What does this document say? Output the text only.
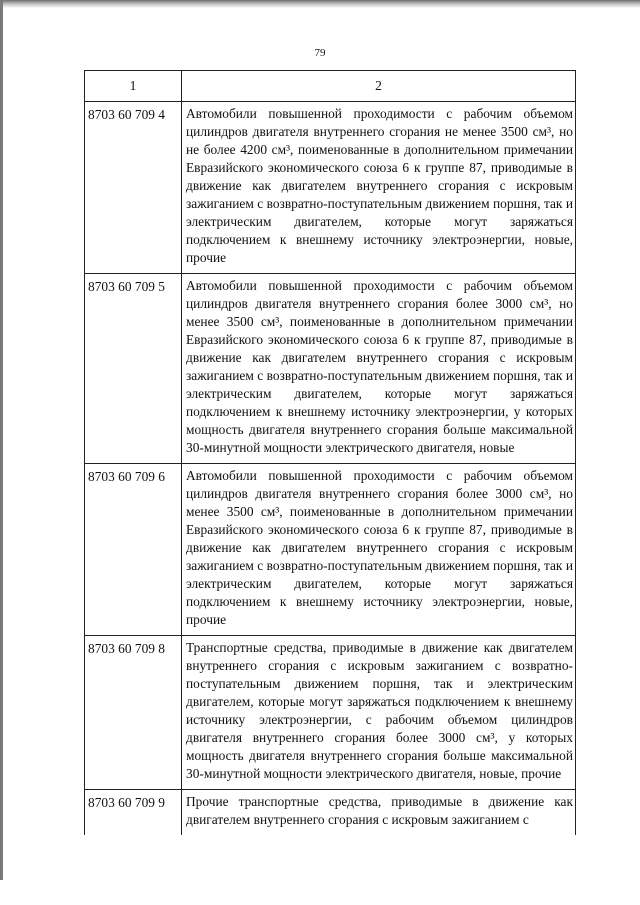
79
1	2
8703 60 709 4	Автомобили повышенной проходимости с рабочим объемом цилиндров двигателя внутреннего сгорания не менее 3500 см³, но не более 4200 см³, поименованные в дополнительном примечании Евразийского экономического союза 6 к группе 87, приводимые в движение как двигателем внутреннего сгорания с искровым зажиганием с возвратно-поступательным движением поршня, так и электрическим двигателем, которые могут заряжаться подключением к внешнему источнику электроэнергии, новые, прочие
8703 60 709 5	Автомобили повышенной проходимости с рабочим объемом цилиндров двигателя внутреннего сгорания более 3000 см³, но менее 3500 см³, поименованные в дополнительном примечании Евразийского экономического союза 6 к группе 87, приводимые в движение как двигателем внутреннего сгорания с искровым зажиганием с возвратно-поступательным движением поршня, так и электрическим двигателем, которые могут заряжаться подключением к внешнему источнику электроэнергии, у которых мощность двигателя внутреннего сгорания больше максимальной 30-минутной мощности электрического двигателя, новые
8703 60 709 6	Автомобили повышенной проходимости с рабочим объемом цилиндров двигателя внутреннего сгорания более 3000 см³, но менее 3500 см³, поименованные в дополнительном примечании Евразийского экономического союза 6 к группе 87, приводимые в движение как двигателем внутреннего сгорания с искровым зажиганием с возвратно-поступательным движением поршня, так и электрическим двигателем, которые могут заряжаться подключением к внешнему источнику электроэнергии, новые, прочие
8703 60 709 8	Транспортные средства, приводимые в движение как двигателем внутреннего сгорания с искровым зажиганием с возвратно-поступательным движением поршня, так и электрическим двигателем, которые могут заряжаться подключением к внешнему источнику электроэнергии, с рабочим объемом цилиндров двигателя внутреннего сгорания более 3000 см³, у которых мощность двигателя внутреннего сгорания больше максимальной 30-минутной мощности электрического двигателя, новые, прочие
8703 60 709 9	Прочие транспортные средства, приводимые в движение как двигателем внутреннего сгорания с искровым зажиганием с
